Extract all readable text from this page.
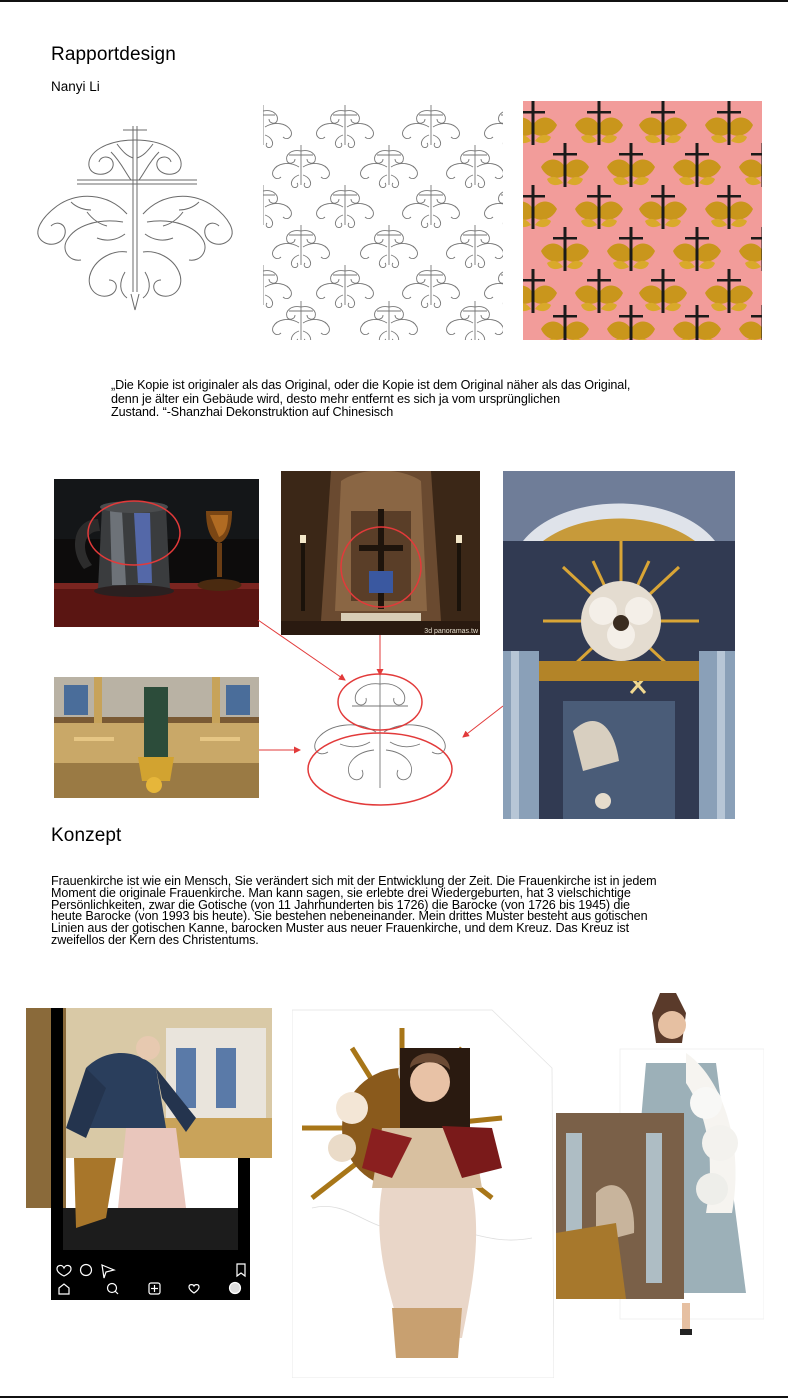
Rapportdesign
Nanyi Li
„Die Kopie ist originaler als das Original, oder die Kopie ist dem Original näher als das Original,
denn je älter ein Gebäude wird, desto mehr entfernt es sich ja vom ursprünglichen
Zustand. “-Shanzhai Dekonstruktion auf Chinesisch
3d panoramas.tw
Konzept
Frauenkirche ist wie ein Mensch, Sie verändert sich mit der Entwicklung der Zeit. Die Frauenkirche ist in jedem
Moment die originale Frauenkirche. Man kann sagen, sie erlebte drei Wiedergeburten, hat 3 vielschichtige
Persönlichkeiten, zwar die Gotische (von 11 Jahrhunderten bis 1726) die Barocke (von 1726 bis 1945) die
heute Barocke (von 1993 bis heute). Sie bestehen nebeneinander. Mein drittes Muster besteht aus gotischen
Linien aus der gotischen Kanne, barocken Muster aus neuer Frauenkirche, und dem Kreuz. Das Kreuz ist
zweifellos der Kern des Christentums.
